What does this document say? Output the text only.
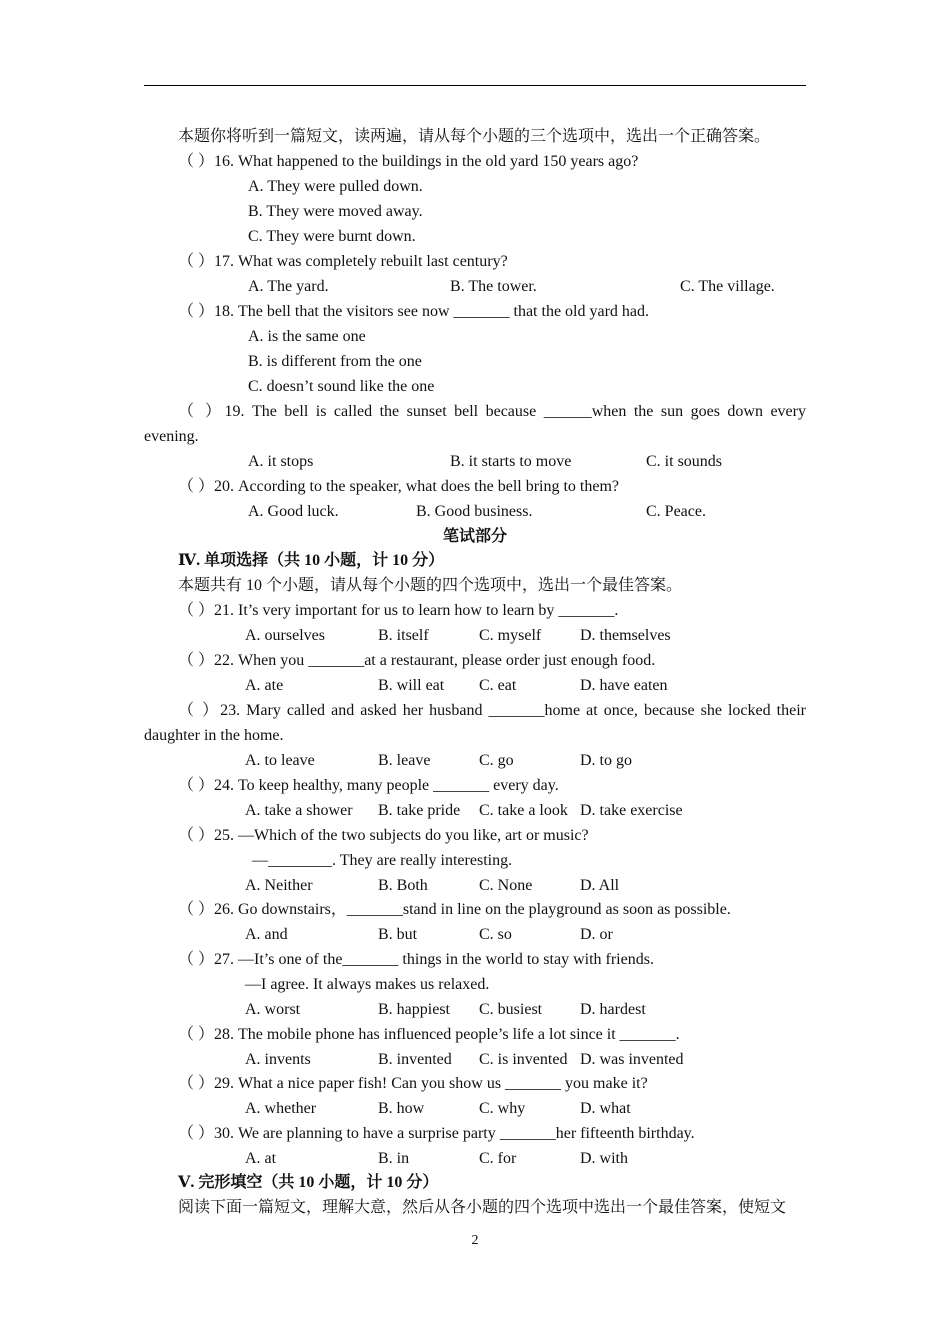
本题你将听到一篇短文，读两遍，请从每个小题的三个选项中，选出一个正确答案。
（ ）16. What happened to the buildings in the old yard 150 years ago?
A. They were pulled down.
B. They were moved away.
C. They were burnt down.
（ ）17. What was completely rebuilt last century?
A. The yard.	B. The tower.	C. The village.
（ ）18. The bell that the visitors see now _______ that the old yard had.
A. is the same one
B. is different from the one
C. doesn’t sound like the one
（ ）19. The bell is called the sunset bell because ______when the sun goes down every
evening.
A. it stops	B. it starts to move	C. it sounds
（ ）20. According to the speaker, what does the bell bring to them?
A. Good luck.	B. Good business.	C. Peace.
笔试部分
Ⅳ. 单项选择（共 10 小题，计 10 分）
本题共有 10 个小题，请从每个小题的四个选项中，选出一个最佳答案。
（ ）21. It’s very important for us to learn how to learn by _______.
A. ourselves	B. itself	C. myself D. themselves
（ ）22. When you _______at a restaurant, please order just enough food.
A. ate	B. will eat C. eat	D. have eaten
（ ）23. Mary called and asked her husband _______home at once, because she locked their
daughter in the home.
A. to leave	B. leave	C. go	D. to go
（ ）24. To keep healthy, many people _______ every day.
A. take a shower B. take pride C. take a look D. take exercise
（ ）25. —Which of the two subjects do you like, art or music?
—________. They are really interesting.
A. Neither	B. Both	C. None	D. All
（ ）26. Go downstairs，_______stand in line on the playground as soon as possible.
A. and	B. but	C. so	D. or
（ ）27. —It’s one of the_______ things in the world to stay with friends.
—I agree. It always makes us relaxed.
A. worst	B. happiest C. busiest D. hardest
（ ）28. The mobile phone has influenced people’s life a lot since it _______.
A. invents	B. invented C. is invented D. was invented
（ ）29. What a nice paper fish! Can you show us _______ you make it?
A. whether	B. how	C. why	D. what
（ ）30. We are planning to have a surprise party _______her fifteenth birthday.
A. at	B. in	C. for	D. with
Ⅴ. 完形填空（共 10 小题，计 10 分）
阅读下面一篇短文，理解大意，然后从各小题的四个选项中选出一个最佳答案，使短文
2
